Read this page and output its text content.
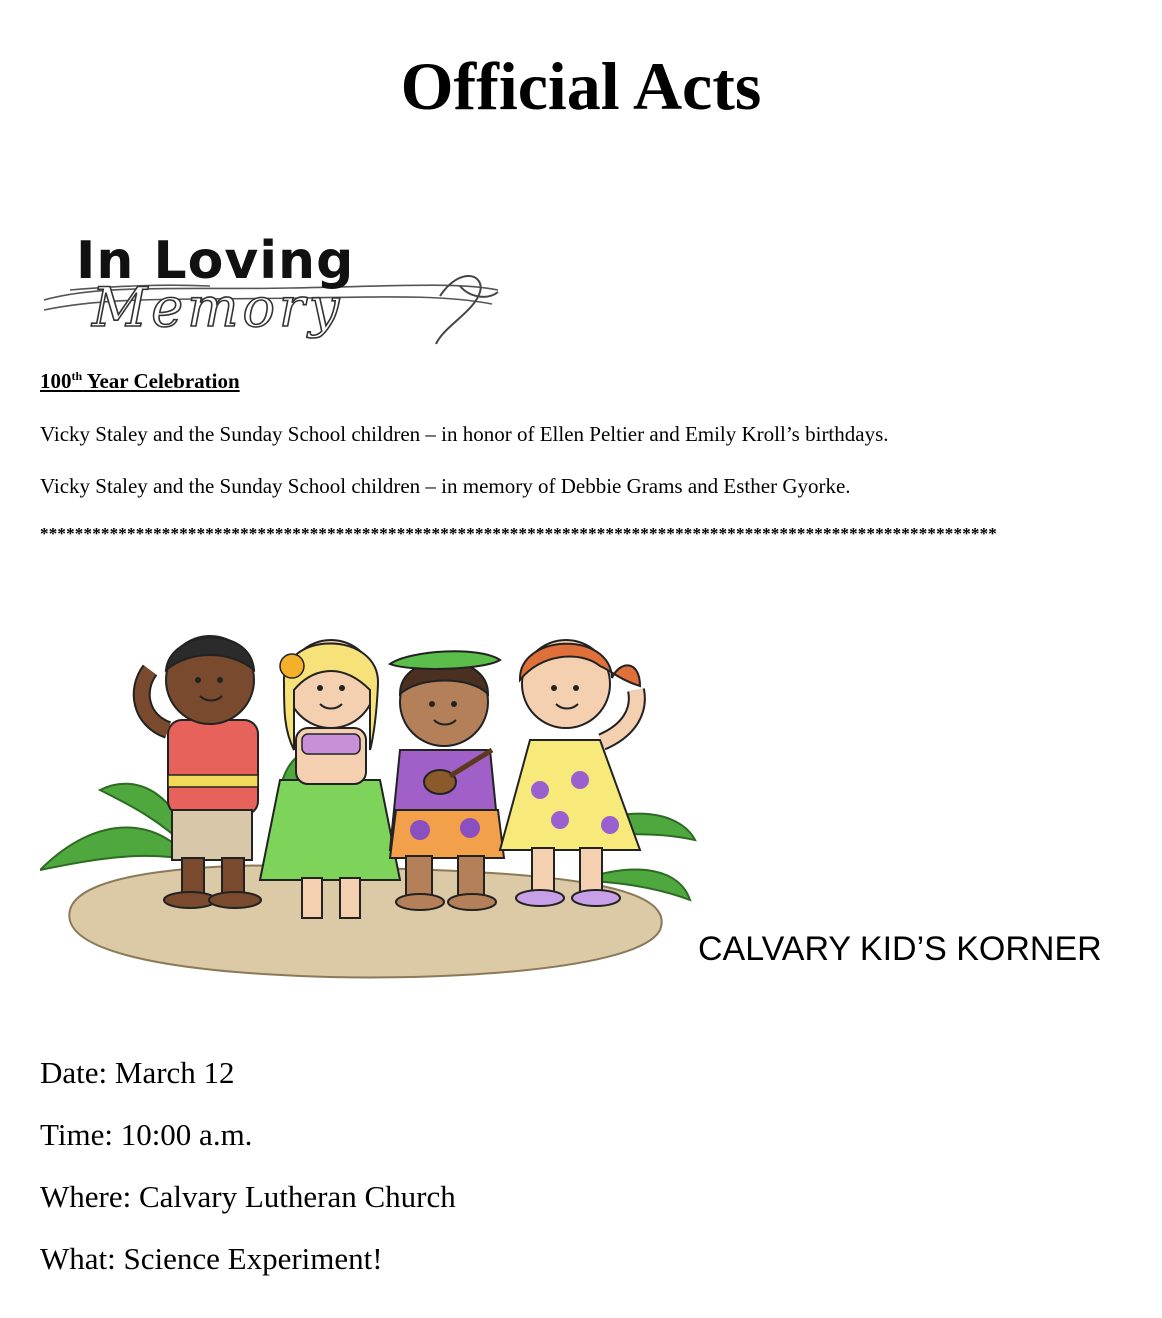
Official Acts
In Loving
Memory
100th Year Celebration
Vicky Staley and the Sunday School children – in honor of Ellen Peltier and Emily Kroll’s birthdays.
Vicky Staley and the Sunday School children – in memory of Debbie Grams and Esther Gyorke.
**************************************************************************************************************
CALVARY KID’S KORNER
Date: March 12
Time: 10:00 a.m.
Where: Calvary Lutheran Church
What: Science Experiment!
